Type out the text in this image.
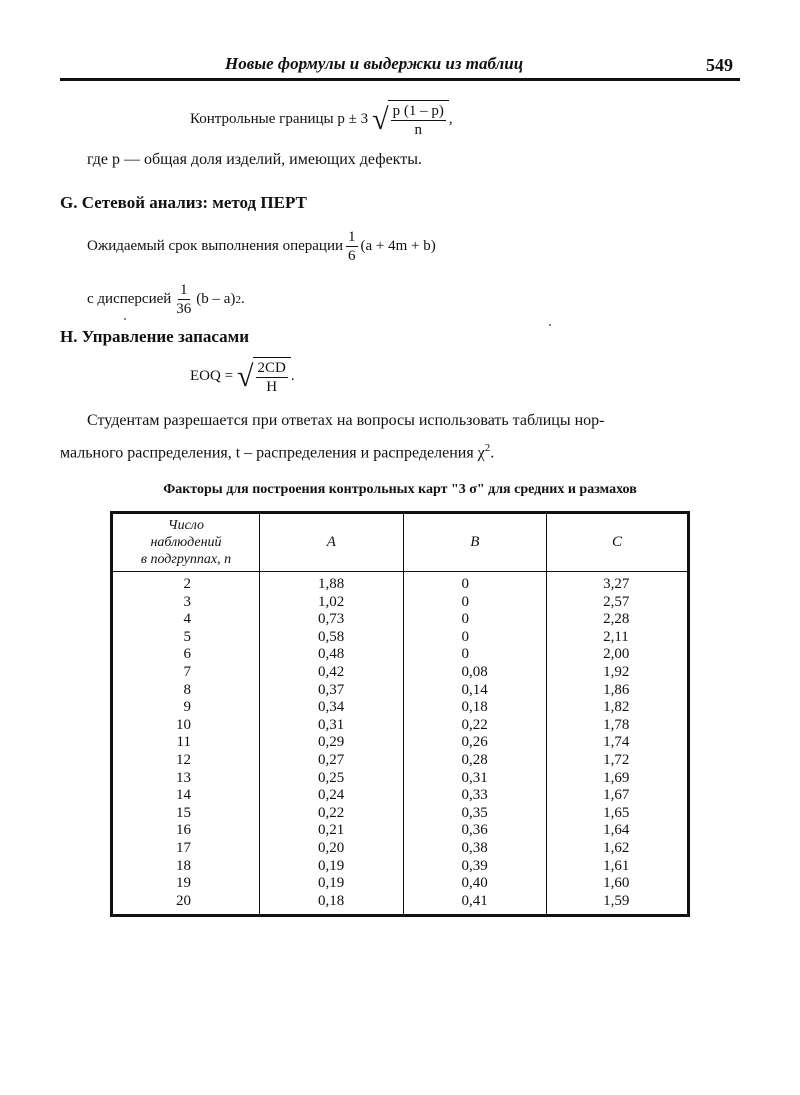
Новые формулы и выдержки из таблиц	549
Контрольные границы p ± 3 √ $\frac{p (1 - p)}{n}$ ,
где p — общая доля изделий, имеющих дефекты.
G. Сетевой анализ: метод ПЕРТ
Ожидаемый срок выполнения операции $\frac{1}{6} (a + 4m + b)$
с дисперсией $\frac{1}{36} (b - a)$ 2 .
H. Управление запасами
EOQ = √ $\frac{2CD}{H}$ .
Студентам разрешается при ответах на вопросы использовать таблицы нор-
мального распределения, t – распределения и распределения $\chi^2$.
Факторы для построения контрольных карт "3 σ" для средних и размахов
Число
наблюдений
в подгруппах, n	A	B	C
2	1,88	0	3,27
3	1,02	0	2,57
4	0,73	0	2,28
5	0,58	0	2,11
6	0,48	0	2,00
7	0,42	0,08	1,92
8	0,37	0,14	1,86
9	0,34	0,18	1,82
10	0,31	0,22	1,78
11	0,29	0,26	1,74
12	0,27	0,28	1,72
13	0,25	0,31	1,69
14	0,24	0,33	1,67
15	0,22	0,35	1,65
16	0,21	0,36	1,64
17	0,20	0,38	1,62
18	0,19	0,39	1,61
19	0,19	0,40	1,60
20	0,18	0,41	1,59
